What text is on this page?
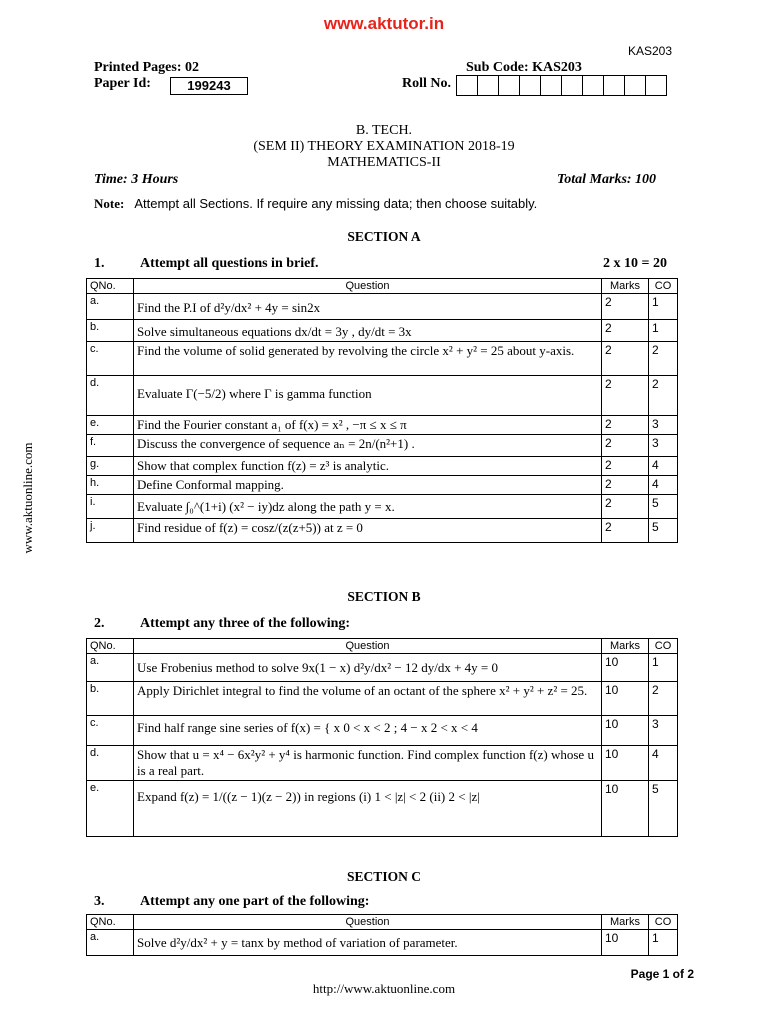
www.aktutor.in
KAS203
Printed Pages: 02
Paper Id:	199243
Sub Code: KAS203
Roll No.
B. TECH.
(SEM II) THEORY EXAMINATION 2018-19
MATHEMATICS-II
Time: 3 Hours	Total Marks: 100
Note: Attempt all Sections. If require any missing data; then choose suitably.
SECTION A
1.	Attempt all questions in brief.	2 x 10 = 20
QNo.	Question	Marks	CO
a.	Find the P.I of d²y/dx² + 4y = sin2x	2	1
b.	Solve simultaneous equations dx/dt = 3y , dy/dt = 3x	2	1
c.	Find the volume of solid generated by revolving the circle x² + y² = 25 about y-axis.	2	2
d.	Evaluate Γ(−5/2) where Γ is gamma function	2	2
e.	Find the Fourier constant a₁ of f(x) = x² , −π ≤ x ≤ π	2	3
f.	Discuss the convergence of sequence aₙ = 2n/(n²+1) .	2	3
g.	Show that complex function f(z) = z³ is analytic.	2	4
h.	Define Conformal mapping.	2	4
i.	Evaluate ∫₀^(1+i) (x² − iy)dz along the path y = x.	2	5
j.	Find residue of f(z) = cosz/(z(z+5)) at z = 0	2	5
www.aktuonline.com
SECTION B
2.	Attempt any three of the following:
QNo.	Question	Marks	CO
a.	Use Frobenius method to solve 9x(1 − x) d²y/dx² − 12 dy/dx + 4y = 0	10	1
b.	Apply Dirichlet integral to find the volume of an octant of the sphere x² + y² + z² = 25.	10	2
c.	Find half range sine series of f(x) = { x 0 < x < 2 ; 4 − x 2 < x < 4	10	3
d.	Show that u = x⁴ − 6x²y² + y⁴ is harmonic function. Find complex function f(z) whose u is a real part.	10	4
e.	Expand f(z) = 1/((z − 1)(z − 2)) in regions (i) 1 < |z| < 2 (ii) 2 < |z|	10	5
SECTION C
3.	Attempt any one part of the following:
QNo.	Question	Marks	CO
a.	Solve d²y/dx² + y = tanx by method of variation of parameter.	10	1
Page 1 of 2
http://www.aktuonline.com
